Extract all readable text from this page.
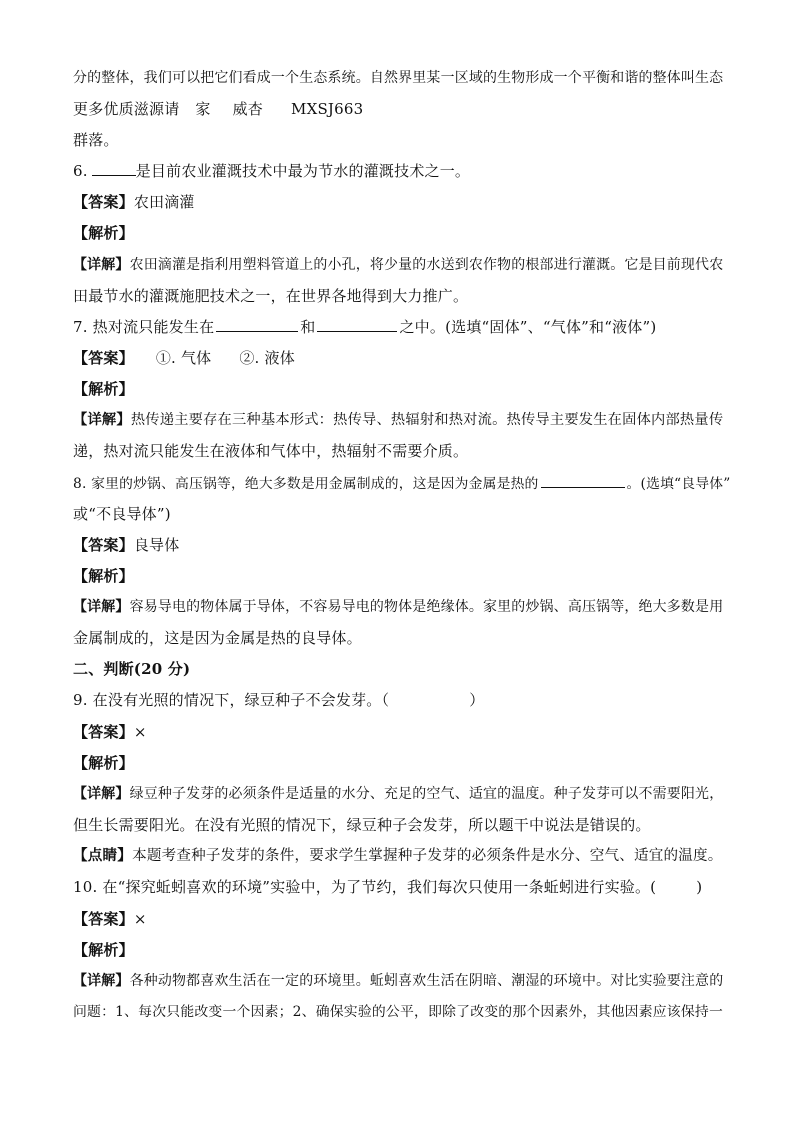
分的整体，我们可以把它们看成一个生态系统。自然界里某一区域的生物形成一个平衡和谐的整体叫生态
更多优质滋源请 家 威杏 MXSJ663
群落。
6.	是目前农业灌溉技术中最为节水的灌溉技术之一。
【答案】农田滴灌
【解析】
【详解】农田滴灌是指利用塑料管道上的小孔，将少量的水送到农作物的根部进行灌溉。它是目前现代农
田最节水的灌溉施肥技术之一，在世界各地得到大力推广。
7. 热对流只能发生在	和	之中。(选填“固体”、“气体”和“液体”)
【答案】 ①. 气体 ②. 液体
【解析】
【详解】热传递主要存在三种基本形式：热传导、热辐射和热对流。热传导主要发生在固体内部热量传
递，热对流只能发生在液体和气体中，热辐射不需要介质。
8. 家里的炒锅、高压锅等，绝大多数是用金属制成的，这是因为金属是热的	。(选填“良导体”
或“不良导体”)
【答案】良导体
【解析】
【详解】容易导电的物体属于导体，不容易导电的物体是绝缘体。家里的炒锅、高压锅等，绝大多数是用
金属制成的，这是因为金属是热的良导体。
二、判断(20 分)
9. 在没有光照的情况下，绿豆种子不会发芽。（	）
【答案】×
【解析】
【详解】绿豆种子发芽的必须条件是适量的水分、充足的空气、适宜的温度。种子发芽可以不需要阳光，
但生长需要阳光。在没有光照的情况下，绿豆种子会发芽，所以题干中说法是错误的。
【点睛】本题考查种子发芽的条件，要求学生掌握种子发芽的必须条件是水分、空气、适宜的温度。
10. 在“探究蚯蚓喜欢的环境”实验中，为了节约，我们每次只使用一条蚯蚓进行实验。(	)
【答案】×
【解析】
【详解】各种动物都喜欢生活在一定的环境里。蚯蚓喜欢生活在阴暗、潮湿的环境中。对比实验要注意的
问题：1、每次只能改变一个因素；2、确保实验的公平，即除了改变的那个因素外，其他因素应该保持一
